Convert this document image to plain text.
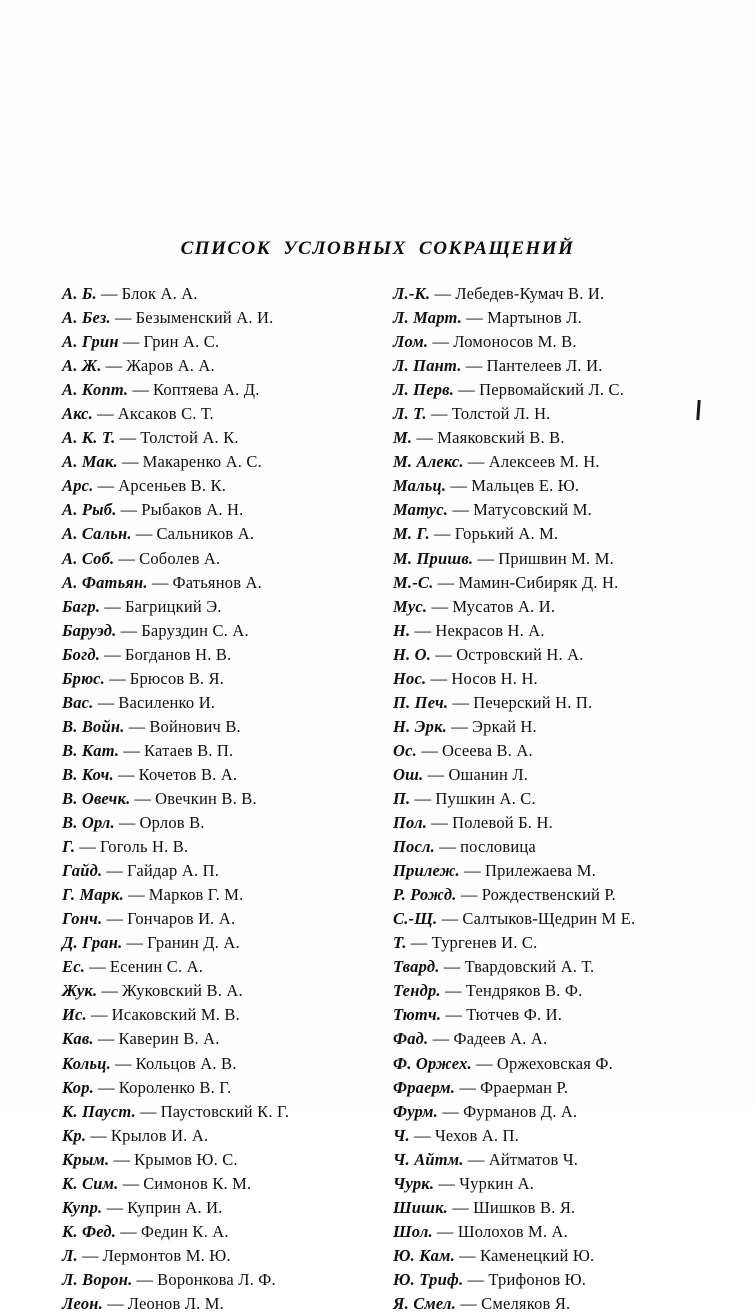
СПИСОК УСЛОВНЫХ СОКРАЩЕНИЙ
А. Б. — Блок А. А.
А. Без. — Безыменский А. И.
А. Грин — Грин А. С.
А. Ж. — Жаров А. А.
А. Konm. — Коптяева А. Д.
Акс. — Аксаков С. Т.
А. К. Т. — Толстой А. К.
А. Мак. — Макаренко А. С.
Арс. — Арсеньев В. К.
А. Рыб. — Рыбаков А. Н.
А. Сальн. — Сальников А.
А. Соб. — Соболев А.
А. Фатьян. — Фатьянов А.
Багр. — Багрицкий Э.
Баруэд. — Баруздин С. А.
Богд. — Богданов Н. В.
Брюс. — Брюсов В. Я.
Вас. — Василенко И.
В. Войн. — Войнович В.
В. Кат. — Катаев В. П.
В. Коч. — Кочетов В. А.
В. Овечк. — Овечкин В. В.
В. Орл. — Орлов В.
Г. — Гоголь Н. В.
Гайд. — Гайдар А. П.
Г. Марк. — Марков Г. М.
Гонч. — Гончаров И. А.
Д. Гран. — Гранин Д. А.
Ес. — Есенин С. А.
Жук. — Жуковский В. А.
Ис. — Исаковский М. В.
Кав. — Каверин В. А.
Кольц. — Кольцов А. В.
Кор. — Короленко В. Г.
К. Пауст. — Паустовский К. Г.
Кр. — Крылов И. А.
Крым. — Крымов Ю. С.
К. Сим. — Симонов К. М.
Купр. — Куприн А. И.
К. Фед. — Федин К. А.
Л. — Лермонтов М. Ю.
Л. Ворон. — Воронкова Л. Ф.
Леон. — Леонов Л. М.
Л.-К. — Лебедев-Кумач В. И.
Л. Март. — Мартынов Л.
Лом. — Ломоносов М. В.
Л. Пант. — Пантелеев Л. И.
Л. Перв. — Первомайский Л. С.
Л. Т. — Толстой Л. Н.
М. — Маяковский В. В.
М. Алекс. — Алексеев М. Н.
Мальц. — Мальцев Е. Ю.
Матус. — Матусовский М.
М. Г. — Горький А. М.
М. Пришв. — Пришвин М. М.
М.-С. — Мамин-Сибиряк Д. Н.
Мус. — Мусатов А. И.
Н. — Некрасов Н. А.
Н. О. — Островский Н. А.
Нос. — Носов Н. Н.
П. Печ. — Печерский Н. П.
Н. Эрк. — Эркай Н.
Ос. — Осеева В. А.
Ош. — Ошанин Л.
П. — Пушкин А. С.
Пол. — Полевой Б. Н.
Посл. — пословица
Прилеж. — Прилежаева М.
Р. Рожд. — Рождественский Р.
С.-Щ. — Салтыков-Щедрин М Е.
Т. — Тургенев И. С.
Твард. — Твардовский А. Т.
Тендр. — Тендряков В. Ф.
Тютч. — Тютчев Ф. И.
Фад. — Фадеев А. А.
Ф. Оржех. — Оржеховская Ф.
Фраерм. — Фраерман Р.
Фурм. — Фурманов Д. А.
Ч. — Чехов А. П.
Ч. Айтм. — Айтматов Ч.
Чурк. — Чуркин А.
Шишк. — Шишков В. Я.
Шол. — Шолохов М. А.
Ю. Кам. — Каменецкий Ю.
Ю. Триф. — Трифонов Ю.
Я. Смел. — Смеляков Я.
